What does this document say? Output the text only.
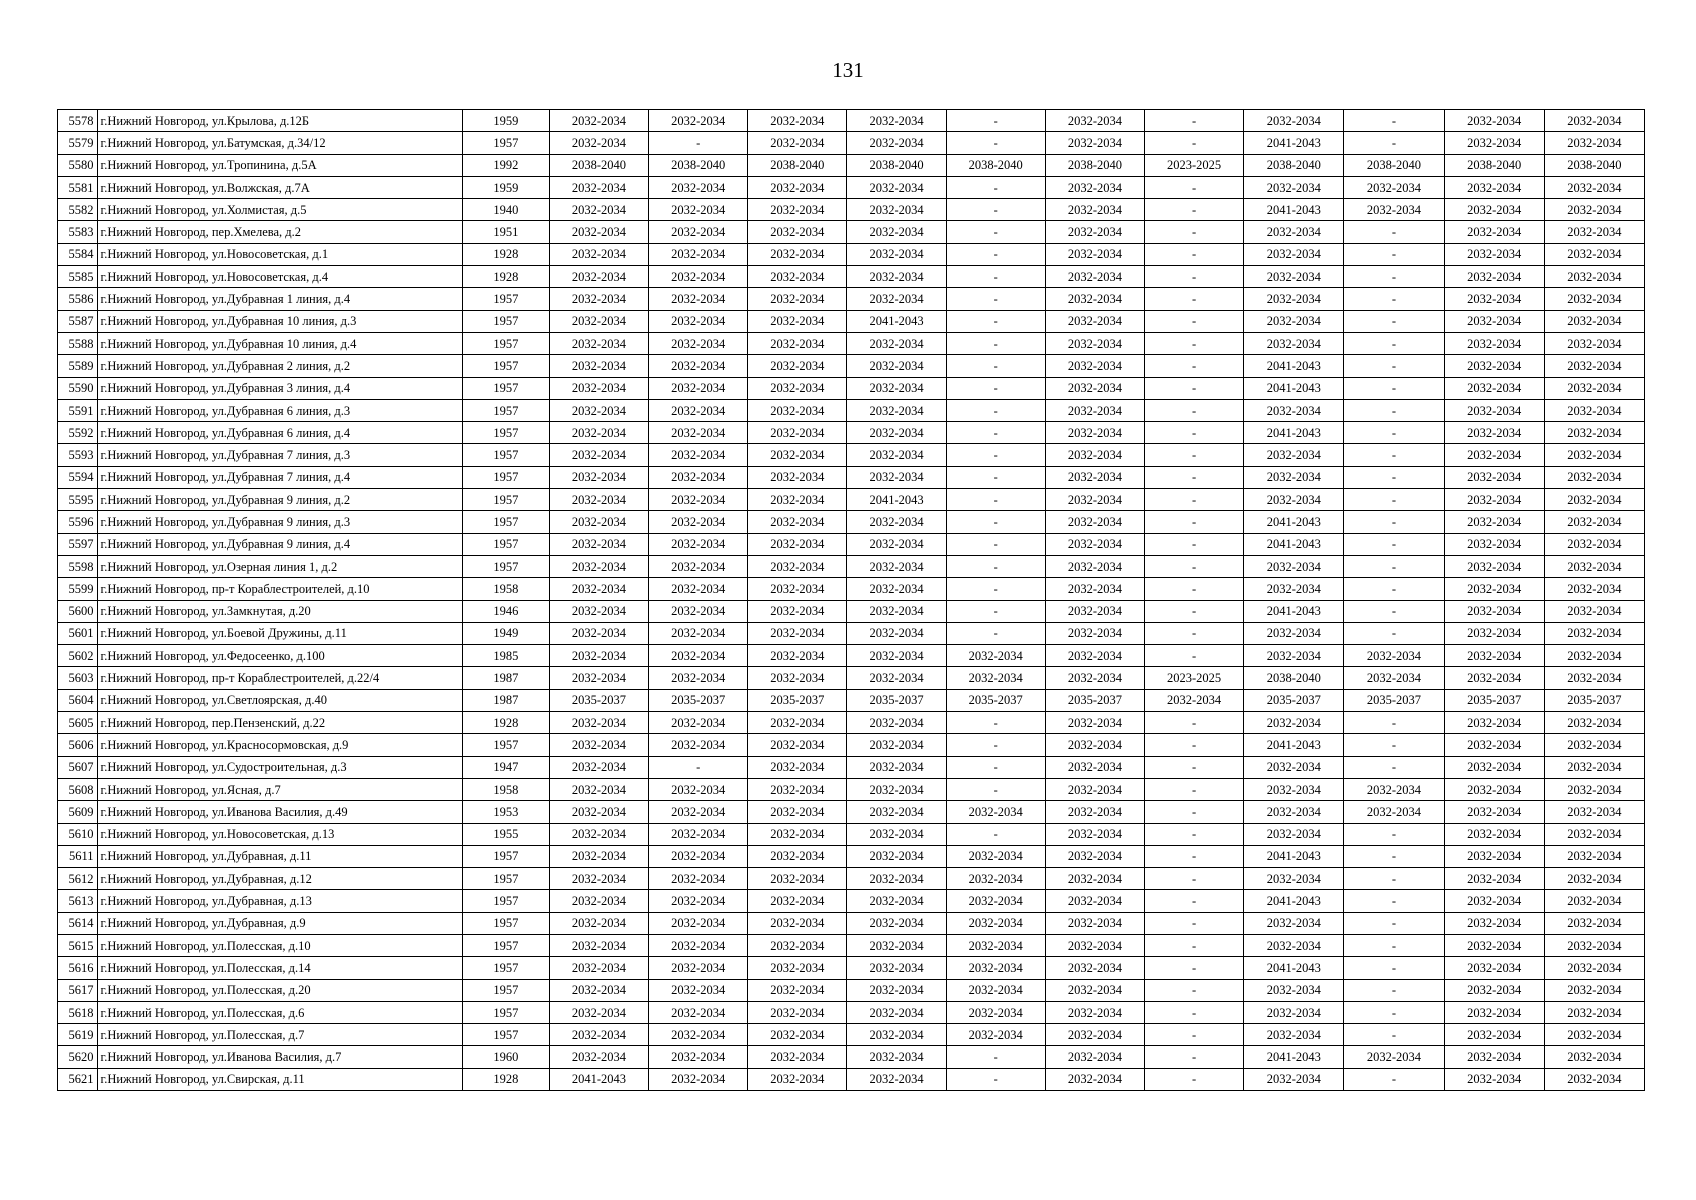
131
5578	г.Нижний Новгород, ул.Крылова, д.12Б	1959	2032-2034	2032-2034	2032-2034	2032-2034	-	2032-2034	-	2032-2034	-	2032-2034	2032-2034
5579	г.Нижний Новгород, ул.Батумская, д.34/12	1957	2032-2034	-	2032-2034	2032-2034	-	2032-2034	-	2041-2043	-	2032-2034	2032-2034
5580	г.Нижний Новгород, ул.Тропинина, д.5А	1992	2038-2040	2038-2040	2038-2040	2038-2040	2038-2040	2038-2040	2023-2025	2038-2040	2038-2040	2038-2040	2038-2040
5581	г.Нижний Новгород, ул.Волжская, д.7А	1959	2032-2034	2032-2034	2032-2034	2032-2034	-	2032-2034	-	2032-2034	2032-2034	2032-2034	2032-2034
5582	г.Нижний Новгород, ул.Холмистая, д.5	1940	2032-2034	2032-2034	2032-2034	2032-2034	-	2032-2034	-	2041-2043	2032-2034	2032-2034	2032-2034
5583	г.Нижний Новгород, пер.Хмелева, д.2	1951	2032-2034	2032-2034	2032-2034	2032-2034	-	2032-2034	-	2032-2034	-	2032-2034	2032-2034
5584	г.Нижний Новгород, ул.Новосоветская, д.1	1928	2032-2034	2032-2034	2032-2034	2032-2034	-	2032-2034	-	2032-2034	-	2032-2034	2032-2034
5585	г.Нижний Новгород, ул.Новосоветская, д.4	1928	2032-2034	2032-2034	2032-2034	2032-2034	-	2032-2034	-	2032-2034	-	2032-2034	2032-2034
5586	г.Нижний Новгород, ул.Дубравная 1 линия, д.4	1957	2032-2034	2032-2034	2032-2034	2032-2034	-	2032-2034	-	2032-2034	-	2032-2034	2032-2034
5587	г.Нижний Новгород, ул.Дубравная 10 линия, д.3	1957	2032-2034	2032-2034	2032-2034	2041-2043	-	2032-2034	-	2032-2034	-	2032-2034	2032-2034
5588	г.Нижний Новгород, ул.Дубравная 10 линия, д.4	1957	2032-2034	2032-2034	2032-2034	2032-2034	-	2032-2034	-	2032-2034	-	2032-2034	2032-2034
5589	г.Нижний Новгород, ул.Дубравная 2 линия, д.2	1957	2032-2034	2032-2034	2032-2034	2032-2034	-	2032-2034	-	2041-2043	-	2032-2034	2032-2034
5590	г.Нижний Новгород, ул.Дубравная 3 линия, д.4	1957	2032-2034	2032-2034	2032-2034	2032-2034	-	2032-2034	-	2041-2043	-	2032-2034	2032-2034
5591	г.Нижний Новгород, ул.Дубравная 6 линия, д.3	1957	2032-2034	2032-2034	2032-2034	2032-2034	-	2032-2034	-	2032-2034	-	2032-2034	2032-2034
5592	г.Нижний Новгород, ул.Дубравная 6 линия, д.4	1957	2032-2034	2032-2034	2032-2034	2032-2034	-	2032-2034	-	2041-2043	-	2032-2034	2032-2034
5593	г.Нижний Новгород, ул.Дубравная 7 линия, д.3	1957	2032-2034	2032-2034	2032-2034	2032-2034	-	2032-2034	-	2032-2034	-	2032-2034	2032-2034
5594	г.Нижний Новгород, ул.Дубравная 7 линия, д.4	1957	2032-2034	2032-2034	2032-2034	2032-2034	-	2032-2034	-	2032-2034	-	2032-2034	2032-2034
5595	г.Нижний Новгород, ул.Дубравная 9 линия, д.2	1957	2032-2034	2032-2034	2032-2034	2041-2043	-	2032-2034	-	2032-2034	-	2032-2034	2032-2034
5596	г.Нижний Новгород, ул.Дубравная 9 линия, д.3	1957	2032-2034	2032-2034	2032-2034	2032-2034	-	2032-2034	-	2041-2043	-	2032-2034	2032-2034
5597	г.Нижний Новгород, ул.Дубравная 9 линия, д.4	1957	2032-2034	2032-2034	2032-2034	2032-2034	-	2032-2034	-	2041-2043	-	2032-2034	2032-2034
5598	г.Нижний Новгород, ул.Озерная линия 1, д.2	1957	2032-2034	2032-2034	2032-2034	2032-2034	-	2032-2034	-	2032-2034	-	2032-2034	2032-2034
5599	г.Нижний Новгород, пр-т Кораблестроителей, д.10	1958	2032-2034	2032-2034	2032-2034	2032-2034	-	2032-2034	-	2032-2034	-	2032-2034	2032-2034
5600	г.Нижний Новгород, ул.Замкнутая, д.20	1946	2032-2034	2032-2034	2032-2034	2032-2034	-	2032-2034	-	2041-2043	-	2032-2034	2032-2034
5601	г.Нижний Новгород, ул.Боевой Дружины, д.11	1949	2032-2034	2032-2034	2032-2034	2032-2034	-	2032-2034	-	2032-2034	-	2032-2034	2032-2034
5602	г.Нижний Новгород, ул.Федосеенко, д.100	1985	2032-2034	2032-2034	2032-2034	2032-2034	2032-2034	2032-2034	-	2032-2034	2032-2034	2032-2034	2032-2034
5603	г.Нижний Новгород, пр-т Кораблестроителей, д.22/4	1987	2032-2034	2032-2034	2032-2034	2032-2034	2032-2034	2032-2034	2023-2025	2038-2040	2032-2034	2032-2034	2032-2034
5604	г.Нижний Новгород, ул.Светлоярская, д.40	1987	2035-2037	2035-2037	2035-2037	2035-2037	2035-2037	2035-2037	2032-2034	2035-2037	2035-2037	2035-2037	2035-2037
5605	г.Нижний Новгород, пер.Пензенский, д.22	1928	2032-2034	2032-2034	2032-2034	2032-2034	-	2032-2034	-	2032-2034	-	2032-2034	2032-2034
5606	г.Нижний Новгород, ул.Красносормовская, д.9	1957	2032-2034	2032-2034	2032-2034	2032-2034	-	2032-2034	-	2041-2043	-	2032-2034	2032-2034
5607	г.Нижний Новгород, ул.Судостроительная, д.3	1947	2032-2034	-	2032-2034	2032-2034	-	2032-2034	-	2032-2034	-	2032-2034	2032-2034
5608	г.Нижний Новгород, ул.Ясная, д.7	1958	2032-2034	2032-2034	2032-2034	2032-2034	-	2032-2034	-	2032-2034	2032-2034	2032-2034	2032-2034
5609	г.Нижний Новгород, ул.Иванова Василия, д.49	1953	2032-2034	2032-2034	2032-2034	2032-2034	2032-2034	2032-2034	-	2032-2034	2032-2034	2032-2034	2032-2034
5610	г.Нижний Новгород, ул.Новосоветская, д.13	1955	2032-2034	2032-2034	2032-2034	2032-2034	-	2032-2034	-	2032-2034	-	2032-2034	2032-2034
5611	г.Нижний Новгород, ул.Дубравная, д.11	1957	2032-2034	2032-2034	2032-2034	2032-2034	2032-2034	2032-2034	-	2041-2043	-	2032-2034	2032-2034
5612	г.Нижний Новгород, ул.Дубравная, д.12	1957	2032-2034	2032-2034	2032-2034	2032-2034	2032-2034	2032-2034	-	2032-2034	-	2032-2034	2032-2034
5613	г.Нижний Новгород, ул.Дубравная, д.13	1957	2032-2034	2032-2034	2032-2034	2032-2034	2032-2034	2032-2034	-	2041-2043	-	2032-2034	2032-2034
5614	г.Нижний Новгород, ул.Дубравная, д.9	1957	2032-2034	2032-2034	2032-2034	2032-2034	2032-2034	2032-2034	-	2032-2034	-	2032-2034	2032-2034
5615	г.Нижний Новгород, ул.Полесская, д.10	1957	2032-2034	2032-2034	2032-2034	2032-2034	2032-2034	2032-2034	-	2032-2034	-	2032-2034	2032-2034
5616	г.Нижний Новгород, ул.Полесская, д.14	1957	2032-2034	2032-2034	2032-2034	2032-2034	2032-2034	2032-2034	-	2041-2043	-	2032-2034	2032-2034
5617	г.Нижний Новгород, ул.Полесская, д.20	1957	2032-2034	2032-2034	2032-2034	2032-2034	2032-2034	2032-2034	-	2032-2034	-	2032-2034	2032-2034
5618	г.Нижний Новгород, ул.Полесская, д.6	1957	2032-2034	2032-2034	2032-2034	2032-2034	2032-2034	2032-2034	-	2032-2034	-	2032-2034	2032-2034
5619	г.Нижний Новгород, ул.Полесская, д.7	1957	2032-2034	2032-2034	2032-2034	2032-2034	2032-2034	2032-2034	-	2032-2034	-	2032-2034	2032-2034
5620	г.Нижний Новгород, ул.Иванова Василия, д.7	1960	2032-2034	2032-2034	2032-2034	2032-2034	-	2032-2034	-	2041-2043	2032-2034	2032-2034	2032-2034
5621	г.Нижний Новгород, ул.Свирская, д.11	1928	2041-2043	2032-2034	2032-2034	2032-2034	-	2032-2034	-	2032-2034	-	2032-2034	2032-2034
